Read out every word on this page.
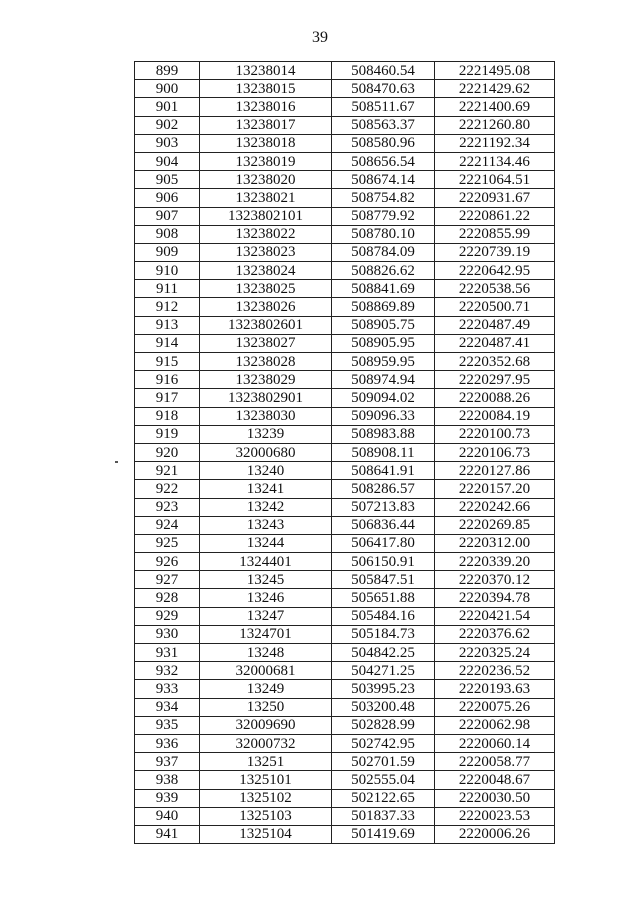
39
899	13238014	508460.54	2221495.08
900	13238015	508470.63	2221429.62
901	13238016	508511.67	2221400.69
902	13238017	508563.37	2221260.80
903	13238018	508580.96	2221192.34
904	13238019	508656.54	2221134.46
905	13238020	508674.14	2221064.51
906	13238021	508754.82	2220931.67
907	1323802101	508779.92	2220861.22
908	13238022	508780.10	2220855.99
909	13238023	508784.09	2220739.19
910	13238024	508826.62	2220642.95
911	13238025	508841.69	2220538.56
912	13238026	508869.89	2220500.71
913	1323802601	508905.75	2220487.49
914	13238027	508905.95	2220487.41
915	13238028	508959.95	2220352.68
916	13238029	508974.94	2220297.95
917	1323802901	509094.02	2220088.26
918	13238030	509096.33	2220084.19
919	13239	508983.88	2220100.73
920	32000680	508908.11	2220106.73
921	13240	508641.91	2220127.86
922	13241	508286.57	2220157.20
923	13242	507213.83	2220242.66
924	13243	506836.44	2220269.85
925	13244	506417.80	2220312.00
926	1324401	506150.91	2220339.20
927	13245	505847.51	2220370.12
928	13246	505651.88	2220394.78
929	13247	505484.16	2220421.54
930	1324701	505184.73	2220376.62
931	13248	504842.25	2220325.24
932	32000681	504271.25	2220236.52
933	13249	503995.23	2220193.63
934	13250	503200.48	2220075.26
935	32009690	502828.99	2220062.98
936	32000732	502742.95	2220060.14
937	13251	502701.59	2220058.77
938	1325101	502555.04	2220048.67
939	1325102	502122.65	2220030.50
940	1325103	501837.33	2220023.53
941	1325104	501419.69	2220006.26
